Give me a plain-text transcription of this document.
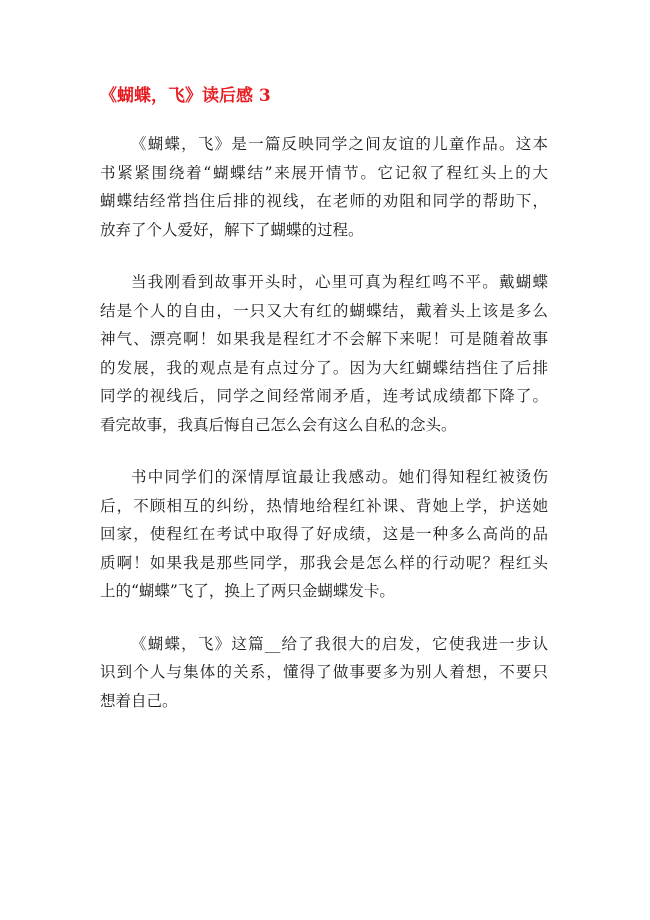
《蝴蝶，飞》读后感 3
《蝴蝶，飞》是一篇反映同学之间友谊的儿童作品。这本
书紧紧围绕着“蝴蝶结”来展开情节。它记叙了程红头上的大
蝴蝶结经常挡住后排的视线，在老师的劝阻和同学的帮助下，
放弃了个人爱好，解下了蝴蝶的过程。
当我刚看到故事开头时，心里可真为程红鸣不平。戴蝴蝶
结是个人的自由，一只又大有红的蝴蝶结，戴着头上该是多么
神气、漂亮啊！如果我是程红才不会解下来呢！可是随着故事
的发展，我的观点是有点过分了。因为大红蝴蝶结挡住了后排
同学的视线后，同学之间经常闹矛盾，连考试成绩都下降了。
看完故事，我真后悔自己怎么会有这么自私的念头。
书中同学们的深情厚谊最让我感动。她们得知程红被烫伤
后，不顾相互的纠纷，热情地给程红补课、背她上学，护送她
回家，使程红在考试中取得了好成绩，这是一种多么高尚的品
质啊！如果我是那些同学，那我会是怎么样的行动呢？程红头
上的“蝴蝶”飞了，换上了两只金蝴蝶发卡。
《蝴蝶，飞》这篇__给了我很大的启发，它使我进一步认
识到个人与集体的关系，懂得了做事要多为别人着想，不要只
想着自己。
